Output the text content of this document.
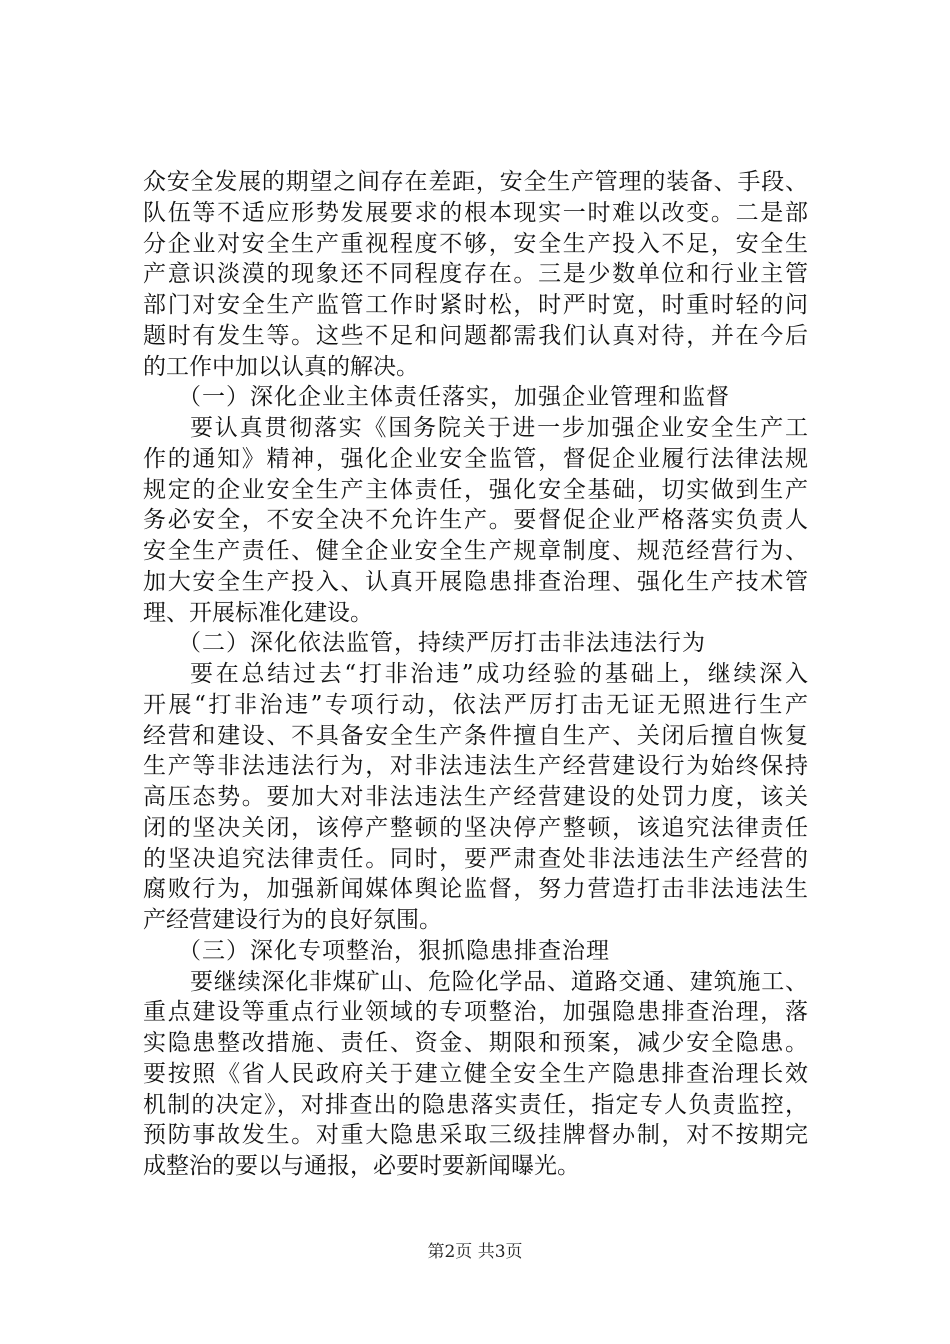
众安全发展的期望之间存在差距，安全生产管理的装备、手段、
队伍等不适应形势发展要求的根本现实一时难以改变。二是部
分企业对安全生产重视程度不够，安全生产投入不足，安全生
产意识淡漠的现象还不同程度存在。三是少数单位和行业主管
部门对安全生产监管工作时紧时松，时严时宽，时重时轻的问
题时有发生等。这些不足和问题都需我们认真对待，并在今后
的工作中加以认真的解决。
（一）深化企业主体责任落实，加强企业管理和监督
要认真贯彻落实《国务院关于进一步加强企业安全生产工
作的通知》精神，强化企业安全监管，督促企业履行法律法规
规定的企业安全生产主体责任，强化安全基础，切实做到生产
务必安全，不安全决不允许生产。要督促企业严格落实负责人
安全生产责任、健全企业安全生产规章制度、规范经营行为、
加大安全生产投入、认真开展隐患排查治理、强化生产技术管
理、开展标准化建设。
（二）深化依法监管，持续严厉打击非法违法行为
要在总结过去“打非治违”成功经验的基础上，继续深入
开展“打非治违”专项行动，依法严厉打击无证无照进行生产
经营和建设、不具备安全生产条件擅自生产、关闭后擅自恢复
生产等非法违法行为，对非法违法生产经营建设行为始终保持
高压态势。要加大对非法违法生产经营建设的处罚力度，该关
闭的坚决关闭，该停产整顿的坚决停产整顿，该追究法律责任
的坚决追究法律责任。同时，要严肃查处非法违法生产经营的
腐败行为，加强新闻媒体舆论监督，努力营造打击非法违法生
产经营建设行为的良好氛围。
（三）深化专项整治，狠抓隐患排查治理
要继续深化非煤矿山、危险化学品、道路交通、建筑施工、
重点建设等重点行业领域的专项整治，加强隐患排查治理，落
实隐患整改措施、责任、资金、期限和预案，减少安全隐患。
要按照《省人民政府关于建立健全安全生产隐患排查治理长效
机制的决定》，对排查出的隐患落实责任，指定专人负责监控，
预防事故发生。对重大隐患采取三级挂牌督办制，对不按期完
成整治的要以与通报，必要时要新闻曝光。
第2页 共3页
